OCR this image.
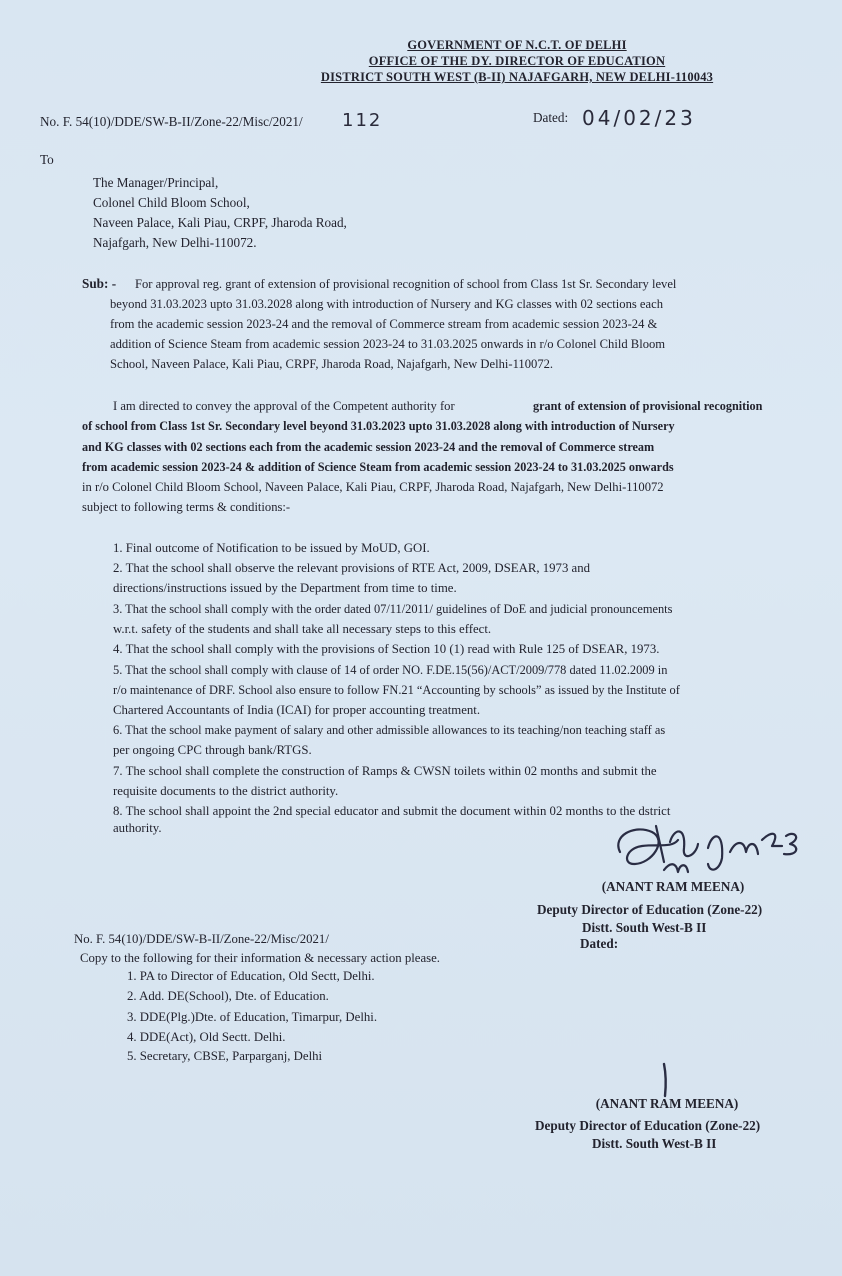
GOVERNMENT OF N.C.T. OF DELHI
OFFICE OF THE DY. DIRECTOR OF EDUCATION
DISTRICT SOUTH WEST (B-II) NAJAFGARH, NEW DELHI-110043
No. F. 54(10)/DDE/SW-B-II/Zone-22/Misc/2021/ 112	Dated: 04/02/23
To
The Manager/Principal,
Colonel Child Bloom School,
Naveen Palace, Kali Piau, CRPF, Jharoda Road,
Najafgarh, New Delhi-110072.
Sub: - For approval reg. grant of extension of provisional recognition of school from Class 1st Sr. Secondary level
beyond 31.03.2023 upto 31.03.2028 along with introduction of Nursery and KG classes with 02 sections each
from the academic session 2023-24 and the removal of Commerce stream from academic session 2023-24 &
addition of Science Steam from academic session 2023-24 to 31.03.2025 onwards in r/o Colonel Child Bloom
School, Naveen Palace, Kali Piau, CRPF, Jharoda Road, Najafgarh, New Delhi-110072.
I am directed to convey the approval of the Competent authority for	grant of extension of provisional recognition
of school from Class 1st Sr. Secondary level beyond 31.03.2023 upto 31.03.2028 along with introduction of Nursery
and KG classes with 02 sections each from the academic session 2023-24 and the removal of Commerce stream
from academic session 2023-24 & addition of Science Steam from academic session 2023-24 to 31.03.2025 onwards
in r/o Colonel Child Bloom School, Naveen Palace, Kali Piau, CRPF, Jharoda Road, Najafgarh, New Delhi-110072
subject to following terms & conditions:-
1. Final outcome of Notification to be issued by MoUD, GOI.
2. That the school shall observe the relevant provisions of RTE Act, 2009, DSEAR, 1973 and
directions/instructions issued by the Department from time to time.
3. That the school shall comply with the order dated 07/11/2011/ guidelines of DoE and judicial pronouncements
w.r.t. safety of the students and shall take all necessary steps to this effect.
4. That the school shall comply with the provisions of Section 10 (1) read with Rule 125 of DSEAR, 1973.
5. That the school shall comply with clause of 14 of order NO. F.DE.15(56)/ACT/2009/778 dated 11.02.2009 in
r/o maintenance of DRF. School also ensure to follow FN.21 “Accounting by schools” as issued by the Institute of
Chartered Accountants of India (ICAI) for proper accounting treatment.
6. That the school make payment of salary and other admissible allowances to its teaching/non teaching staff as
per ongoing CPC through bank/RTGS.
7. The school shall complete the construction of Ramps & CWSN toilets within 02 months and submit the
requisite documents to the district authority.
8. The school shall appoint the 2nd special educator and submit the document within 02 months to the dstrict
authority.
(ANANT RAM MEENA)
Deputy Director of Education (Zone-22)
Distt. South West-B II
Dated:
No. F. 54(10)/DDE/SW-B-II/Zone-22/Misc/2021/
Copy to the following for their information & necessary action please.
1. PA to Director of Education, Old Sectt, Delhi.
2. Add. DE(School), Dte. of Education.
3. DDE(Plg.)Dte. of Education, Timarpur, Delhi.
4. DDE(Act), Old Sectt. Delhi.
5. Secretary, CBSE, Parparganj, Delhi
(ANANT RAM MEENA)
Deputy Director of Education (Zone-22)
Distt. South West-B II
